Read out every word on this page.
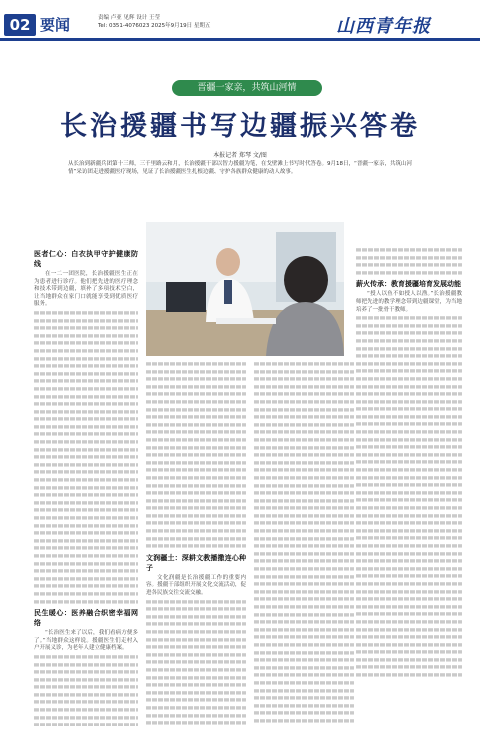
02 要闻	责编 卢亚 见辉 设计 王莹
Tel: 0351-4076023 2025年9月19日 星期五	山西青年报
晋疆一家亲，共筑山河情
长治援疆书写边疆振兴答卷
本报记者 郑琴 文/图
从长治到新疆兵团第十三师，三千里路云和月，长治援疆干部以智力援疆为笔，在戈壁滩上书写时代答卷。9月18日，“晋疆一家亲，共筑山河情”采访团走进援疆医疗现场，见证了长治援疆医生扎根边疆、守护各族群众健康的动人故事。
医者仁心：白衣执甲守护健康防线

在一二一团医院，长治援疆医生正在为患者进行诊疗。他们把先进的医疗理念和技术带到边疆，填补了多项技术空白，让当地群众在家门口就能享受到优质医疗服务。

民生暖心：医养融合织密幸福网络

“长治医生来了以后，我们看病方便多了。”当地群众这样说。援疆医生们走村入户开展义诊，为老年人建立健康档案。

文润疆土：深耕文教播撒连心种子

文化润疆是长治援疆工作的重要内容。援疆干部组织开展文化交流活动，促进各民族交往交流交融。

薪火传承：教育援疆培育发展动能

“授人以鱼不如授人以渔。”长治援疆教师把先进的教学理念带到边疆课堂，为当地培养了一批骨干教师。
